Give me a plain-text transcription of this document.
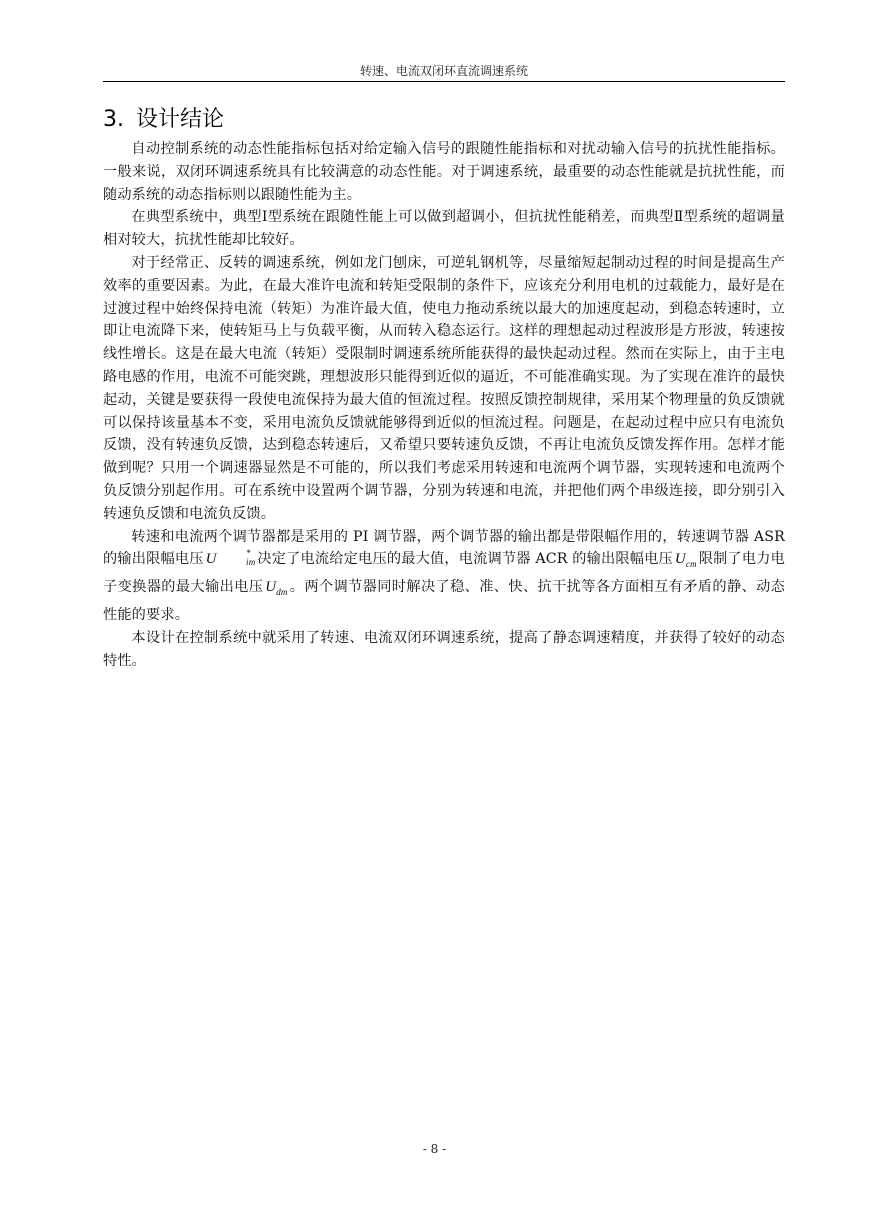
转速、电流双闭环直流调速系统
3. 设计结论

自动控制系统的动态性能指标包括对给定输入信号的跟随性能指标和对扰动输入信号的抗扰性能指标。一般来说，双闭环调速系统具有比较满意的动态性能。对于调速系统，最重要的动态性能就是抗扰性能，而随动系统的动态指标则以跟随性能为主。

在典型系统中，典型Ⅰ型系统在跟随性能上可以做到超调小，但抗扰性能稍差，而典型Ⅱ型系统的超调量相对较大，抗扰性能却比较好。

对于经常正、反转的调速系统，例如龙门刨床，可逆轧钢机等，尽量缩短起制动过程的时间是提高生产效率的重要因素。为此，在最大准许电流和转矩受限制的条件下，应该充分利用电机的过载能力，最好是在过渡过程中始终保持电流（转矩）为准许最大值，使电力拖动系统以最大的加速度起动，到稳态转速时，立即让电流降下来，使转矩马上与负载平衡，从而转入稳态运行。这样的理想起动过程波形是方形波，转速按线性增长。这是在最大电流（转矩）受限制时调速系统所能获得的最快起动过程。然而在实际上，由于主电路电感的作用，电流不可能突跳，理想波形只能得到近似的逼近，不可能准确实现。为了实现在准许的最快起动，关键是要获得一段使电流保持为最大值的恒流过程。按照反馈控制规律，采用某个物理量的负反馈就可以保持该量基本不变，采用电流负反馈就能够得到近似的恒流过程。问题是，在起动过程中应只有电流负反馈，没有转速负反馈，达到稳态转速后，又希望只要转速负反馈，不再让电流负反馈发挥作用。怎样才能做到呢？只用一个调速器显然是不可能的，所以我们考虑采用转速和电流两个调节器，实现转速和电流两个负反馈分别起作用。可在系统中设置两个调节器，分别为转速和电流，并把他们两个串级连接，即分别引入转速负反馈和电流负反馈。

转速和电流两个调节器都是采用的 PI 调节器，两个调节器的输出都是带限幅作用的，转速调节器 ASR 的输出限幅电压 U	*
im 决定了电流给定电压的最大值，电流调节器 ACR 的输出限幅电压 $U_{cm}$ 限制了电力电子变换器的最大输出电压 $U_{dm}$ 。两个调节器同时解决了稳、准、快、抗干扰等各方面相互有矛盾的静、动态性能的要求。

本设计在控制系统中就采用了转速、电流双闭环调速系统，提高了静态调速精度，并获得了较好的动态特性。

- 8 -
